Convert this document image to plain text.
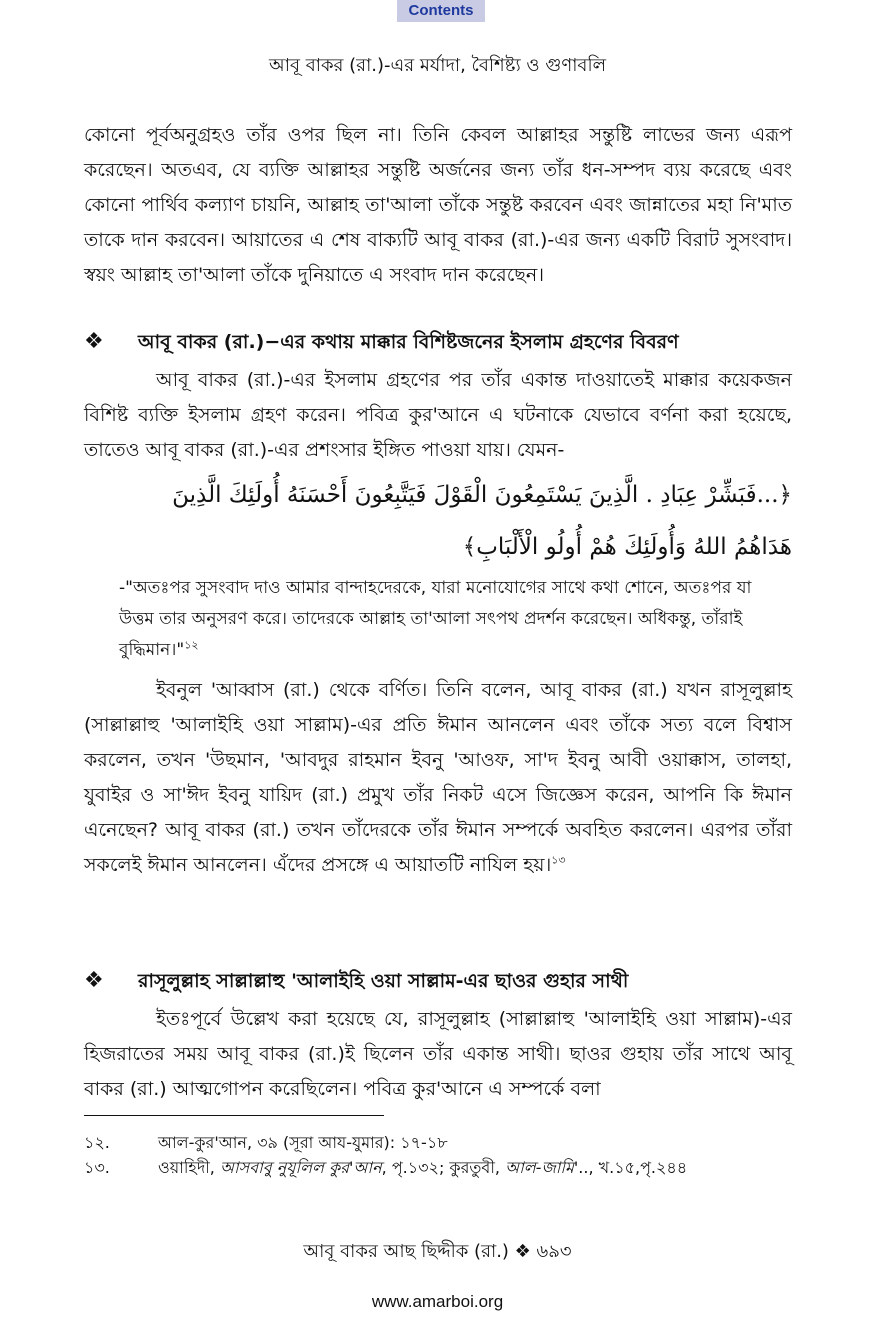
Contents
আবূ বাকর (রা.)-এর মর্যাদা, বৈশিষ্ট্য ও গুণাবলি

কোনো পূর্বঅনুগ্রহও তাঁর ওপর ছিল না। তিনি কেবল আল্লাহর সন্তুষ্টি লাভের জন্য এরূপ করেছেন। অতএব, যে ব্যক্তি আল্লাহর সন্তুষ্টি অর্জনের জন্য তাঁর ধন-সম্পদ ব্যয় করেছে এবং কোনো পার্থিব কল্যাণ চায়নি, আল্লাহ তা'আলা তাঁকে সন্তুষ্ট করবেন এবং জান্নাতের মহা নি'মাত তাকে দান করবেন। আয়াতের এ শেষ বাক্যটি আবূ বাকর (রা.)-এর জন্য একটি বিরাট সুসংবাদ। স্বয়ং আল্লাহ তা'আলা তাঁকে দুনিয়াতে এ সংবাদ দান করেছেন।

❖ আবূ বাকর (রা.)−এর কথায় মাক্কার বিশিষ্টজনের ইসলাম গ্রহণের বিবরণ

আবূ বাকর (রা.)-এর ইসলাম গ্রহণের পর তাঁর একান্ত দাওয়াতেই মাক্কার কয়েকজন বিশিষ্ট ব্যক্তি ইসলাম গ্রহণ করেন। পবিত্র কুর'আনে এ ঘটনাকে যেভাবে বর্ণনা করা হয়েছে, তাতেও আবূ বাকর (রা.)-এর প্রশংসার ইঙ্গিত পাওয়া যায়। যেমন-

﴿...فَبَشِّرْ عِبَادِ . الَّذِينَ يَسْتَمِعُونَ الْقَوْلَ فَيَتَّبِعُونَ أَحْسَنَهُ أُولَئِكَ الَّذِينَ
هَدَاهُمُ اللهُ وَأُولَئِكَ هُمْ أُولُو الْأَلْبَابِ﴾

-"অতঃপর সুসংবাদ দাও আমার বান্দাহদেরকে, যারা মনোযোগের সাথে কথা শোনে, অতঃপর যা উত্তম তার অনুসরণ করে। তাদেরকে আল্লাহ তা'আলা সৎপথ প্রদর্শন করেছেন। অধিকন্তু, তাঁরাই বুদ্ধিমান।"$^{১২}$

ইবনুল 'আব্বাস (রা.) থেকে বর্ণিত। তিনি বলেন, আবূ বাকর (রা.) যখন রাসূলুল্লাহ (সাল্লাল্লাহু 'আলাইহি ওয়া সাল্লাম)-এর প্রতি ঈমান আনলেন এবং তাঁকে সত্য বলে বিশ্বাস করলেন, তখন 'উছমান, 'আবদুর রাহমান ইবনু 'আওফ, সা'দ ইবনু আবী ওয়াক্কাস, তালহা, যুবাইর ও সা'ঈদ ইবনু যায়িদ (রা.) প্রমুখ তাঁর নিকট এসে জিজ্ঞেস করেন, আপনি কি ঈমান এনেছেন? আবূ বাকর (রা.) তখন তাঁদেরকে তাঁর ঈমান সম্পর্কে অবহিত করলেন। এরপর তাঁরা সকলেই ঈমান আনলেন। এঁদের প্রসঙ্গে এ আয়াতটি নাযিল হয়।$^{১৩}$

❖ রাসূলুল্লাহ সাল্লাল্লাহু 'আলাইহি ওয়া সাল্লাম-এর ছাওর গুহার সাথী

ইতঃপূর্বে উল্লেখ করা হয়েছে যে, রাসূলুল্লাহ (সাল্লাল্লাহু 'আলাইহি ওয়া সাল্লাম)-এর হিজরাতের সময় আবূ বাকর (রা.)ই ছিলেন তাঁর একান্ত সাথী। ছাওর গুহায় তাঁর সাথে আবূ বাকর (রা.) আত্মগোপন করেছিলেন। পবিত্র কুর'আনে এ সম্পর্কে বলা

১২.	আল-কুর'আন, ৩৯ (সূরা আয-যুমার): ১৭-১৮
১৩.	ওয়াহিদী, আসবাবু নুযূলিল কুর'আন, পৃ.১৩২; কুরতুবী, আল-জামি'.., খ.১৫,পৃ.২৪৪
আবূ বাকর আছ ছিদ্দীক (রা.) ❖ ৬৯৩
www.amarboi.org
